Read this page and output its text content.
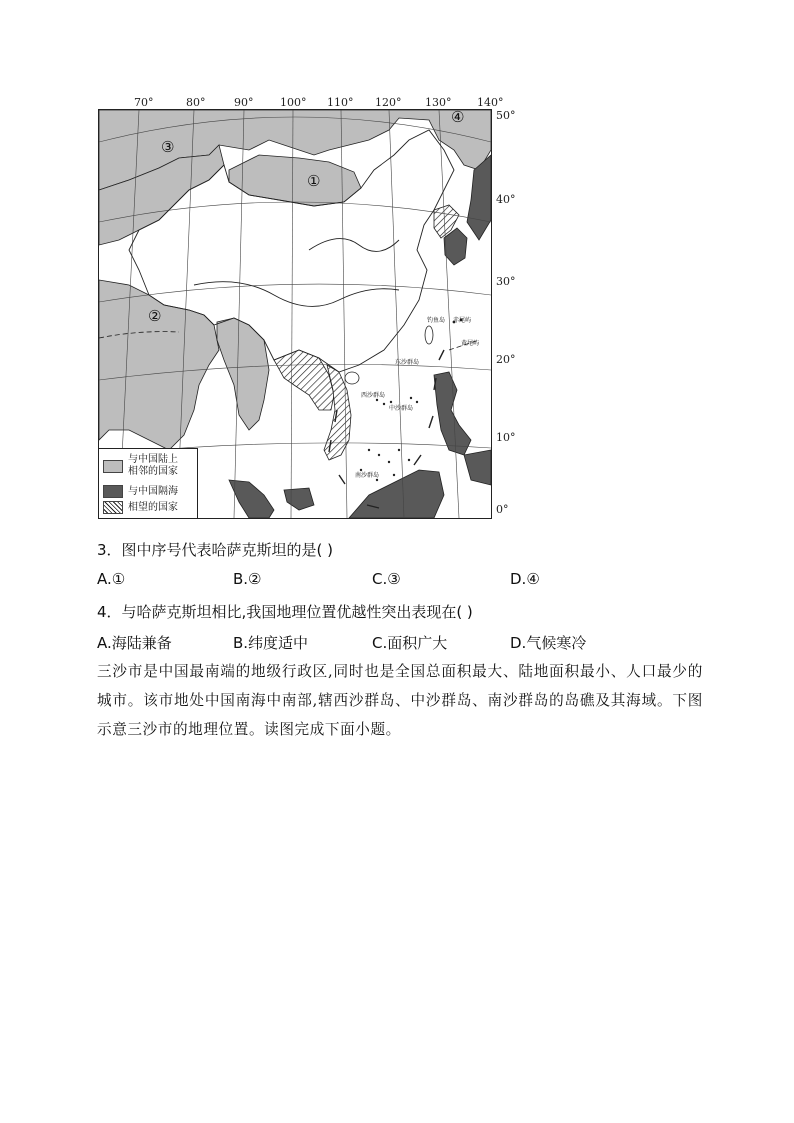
70°	80°	90° 100° 110° 120° 130° 140°
50°
40°
30°
20°
10°
0°
①
②
③
④
钓鱼岛 赤尾屿
黄尾屿
东沙群岛
西沙群岛
中沙群岛
南沙群岛
与中国陆上
相邻的国家
与中国隔海
相望的国家
3．图中序号代表哈萨克斯坦的是( )
A.①	B.②	C.③	D.④
4．与哈萨克斯坦相比,我国地理位置优越性突出表现在( )
A.海陆兼备	B.纬度适中	C.面积广大	D.气候寒冷
三沙市是中国最南端的地级行政区,同时也是全国总面积最大、陆地面积最小、人口最少的城市。该市地处中国南海中南部,辖西沙群岛、中沙群岛、南沙群岛的岛礁及其海域。下图示意三沙市的地理位置。读图完成下面小题。
